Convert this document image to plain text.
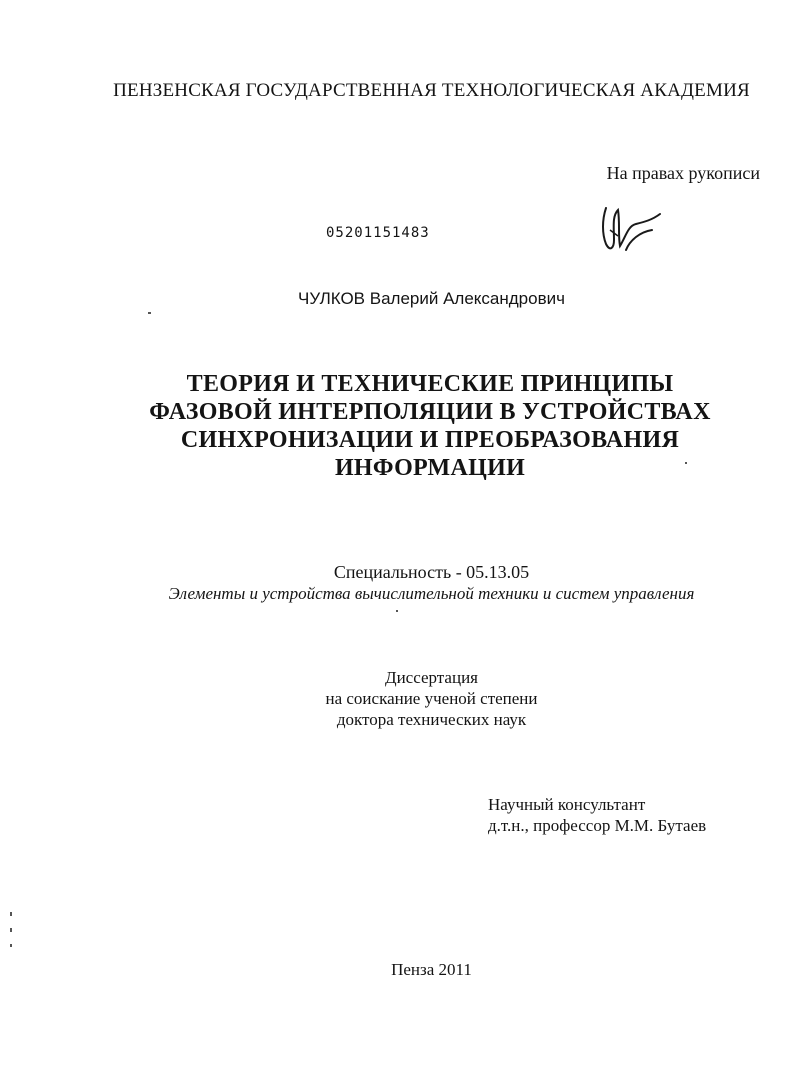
ПЕНЗЕНСКАЯ ГОСУДАРСТВЕННАЯ ТЕХНОЛОГИЧЕСКАЯ АКАДЕМИЯ
На правах рукописи
05201151483
ЧУЛКОВ Валерий Александрович
ТЕОРИЯ И ТЕХНИЧЕСКИЕ ПРИНЦИПЫ
ФАЗОВОЙ ИНТЕРПОЛЯЦИИ В УСТРОЙСТВАХ
СИНХРОНИЗАЦИИ И ПРЕОБРАЗОВАНИЯ
ИНФОРМАЦИИ
Специальность - 05.13.05
Элементы и устройства вычислительной техники и систем управления
Диссертация
на соискание ученой степени
доктора технических наук
Научный консультант
д.т.н., профессор М.М. Бутаев
Пенза 2011
